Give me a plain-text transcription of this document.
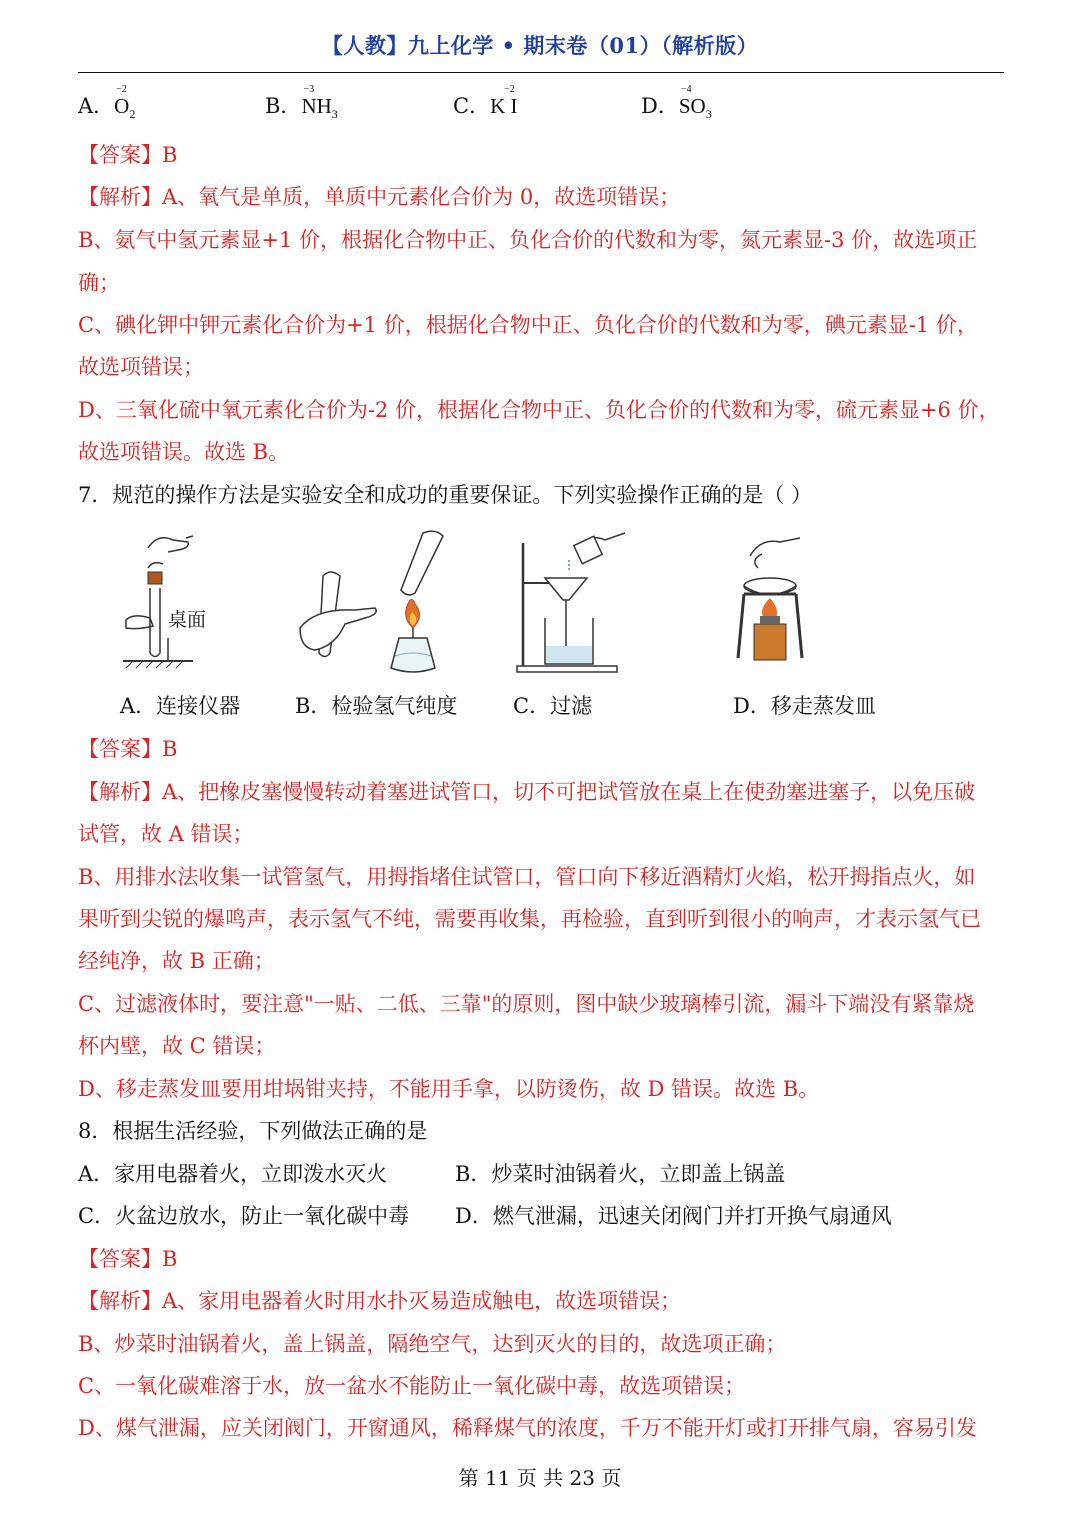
【人教】九上化学 • 期末卷（01）（解析版）
A．
−2
$O_2$	B．
−3
$NH_3$	C．
−2
K I	D．
−4
$SO_3$
【答案】B
【解析】A、氧气是单质，单质中元素化合价为 0，故选项错误；
B、氨气中氢元素显+1 价，根据化合物中正、负化合价的代数和为零，氮元素显-3 价，故选项正
确；
C、碘化钾中钾元素化合价为+1 价，根据化合物中正、负化合价的代数和为零，碘元素显-1 价，
故选项错误；
D、三氧化硫中氧元素化合价为-2 价，根据化合物中正、负化合价的代数和为零，硫元素显+6 价，
故选项错误。故选 B。
7．规范的操作方法是实验安全和成功的重要保证。下列实验操作正确的是（ ）
桌面
A．连接仪器	B．检验氢气纯度	C．过滤	D．移走蒸发皿
【答案】B
【解析】A、把橡皮塞慢慢转动着塞进试管口，切不可把试管放在桌上在使劲塞进塞子，以免压破
试管，故 A 错误；
B、用排水法收集一试管氢气，用拇指堵住试管口，管口向下移近酒精灯火焰，松开拇指点火，如
果听到尖锐的爆鸣声，表示氢气不纯，需要再收集，再检验，直到听到很小的响声，才表示氢气已
经纯净，故 B 正确；
C、过滤液体时，要注意"一贴、二低、三靠"的原则，图中缺少玻璃棒引流，漏斗下端没有紧靠烧
杯内壁，故 C 错误；
D、移走蒸发皿要用坩埚钳夹持，不能用手拿，以防烫伤，故 D 错误。故选 B。
8．根据生活经验，下列做法正确的是
A．家用电器着火，立即泼水灭火	B．炒菜时油锅着火，立即盖上锅盖
C．火盆边放水，防止一氧化碳中毒 D．燃气泄漏，迅速关闭阀门并打开换气扇通风
【答案】B
【解析】A、家用电器着火时用水扑灭易造成触电，故选项错误；
B、炒菜时油锅着火，盖上锅盖，隔绝空气，达到灭火的目的，故选项正确；
C、一氧化碳难溶于水，放一盆水不能防止一氧化碳中毒，故选项错误；
D、煤气泄漏，应关闭阀门，开窗通风，稀释煤气的浓度，千万不能开灯或打开排气扇，容易引发
第 11 页 共 23 页
